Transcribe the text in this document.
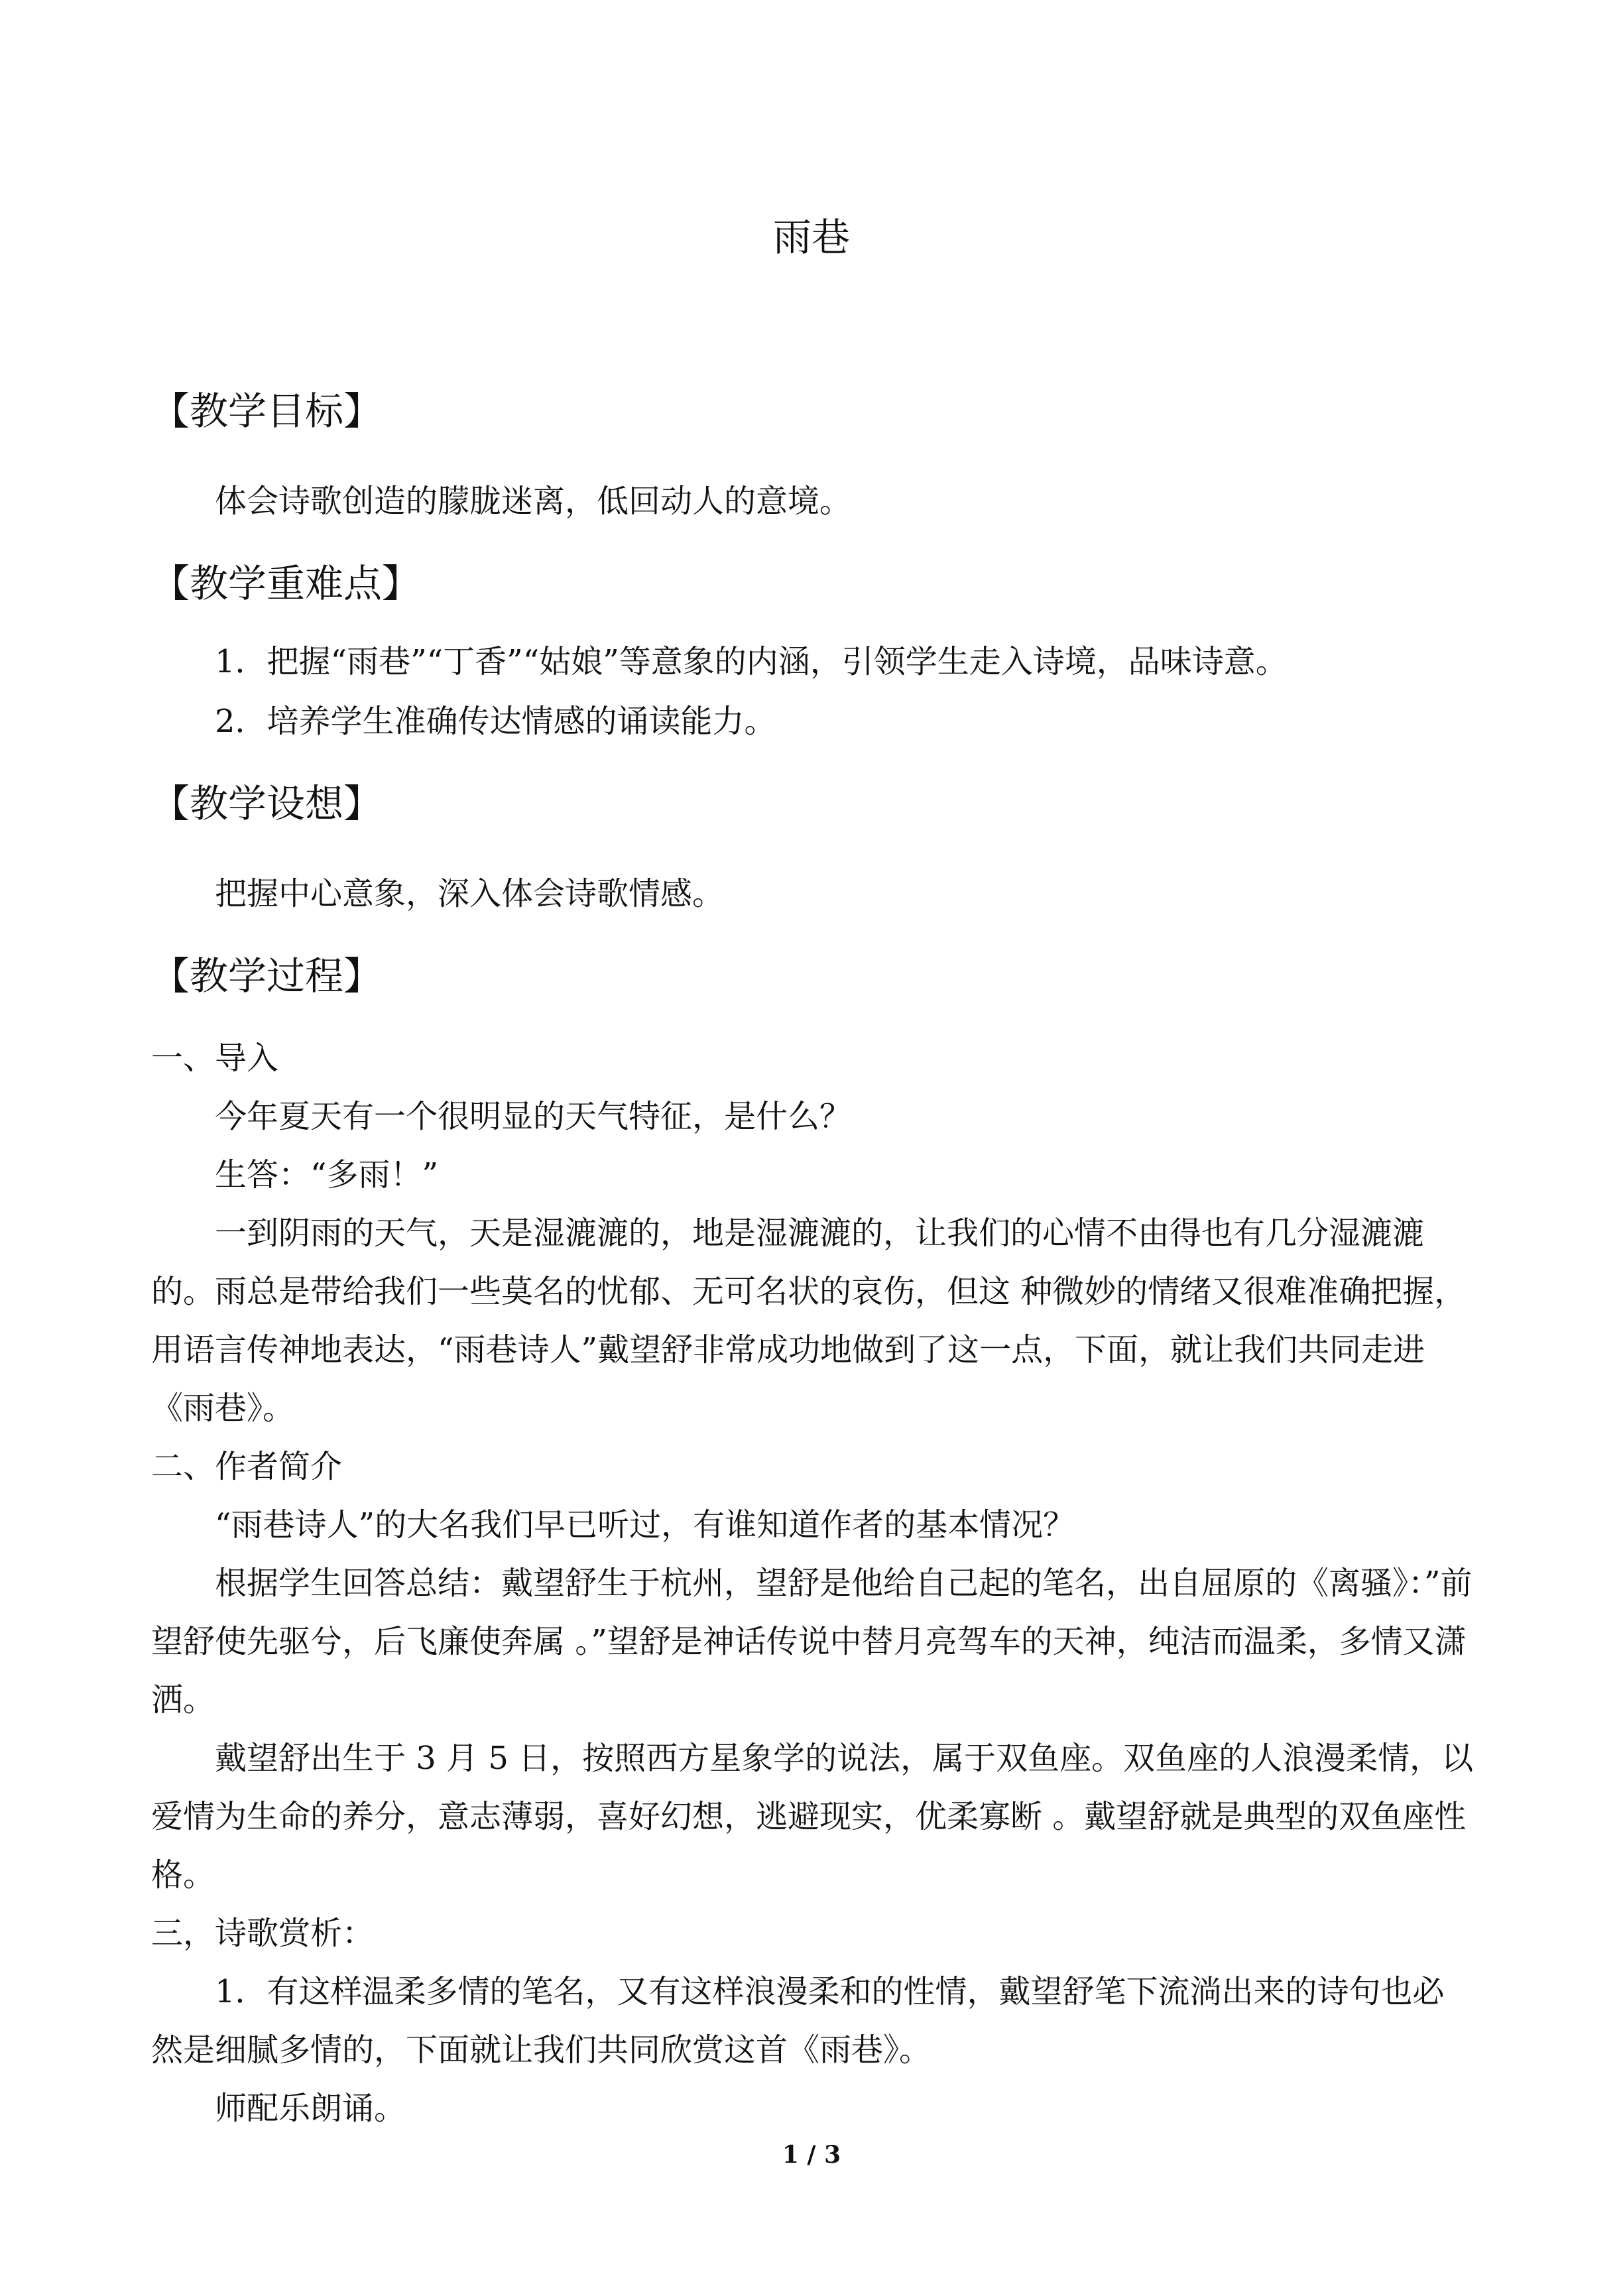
雨巷
【教学目标】

体会诗歌创造的朦胧迷离，低回动人的意境。

【教学重难点】

1．把握“雨巷”“丁香”“姑娘”等意象的内涵，引领学生走入诗境，品味诗意。

2．培养学生准确传达情感的诵读能力。

【教学设想】

把握中心意象，深入体会诗歌情感。

【教学过程】

一、导入

今年夏天有一个很明显的天气特征，是什么？

生答：“多雨！”

一到阴雨的天气，天是湿漉漉的，地是湿漉漉的，让我们的心情不由得也有几分湿漉漉的。雨总是带给我们一些莫名的忧郁、无可名状的哀伤，但这 种微妙的情绪又很难准确把握，用语言传神地表达，“雨巷诗人”戴望舒非常成功地做到了这一点，下面，就让我们共同走进《雨巷》。

二、作者简介

“雨巷诗人”的大名我们早已听过，有谁知道作者的基本情况？

根据学生回答总结：戴望舒生于杭州，望舒是他给自己起的笔名，出自屈原的《离骚》：”前望舒使先驱兮，后飞廉使奔属 。”望舒是神话传说中替月亮驾车的天神，纯洁而温柔，多情又潇洒。

戴望舒出生于 3 月 5 日，按照西方星象学的说法，属于双鱼座。双鱼座的人浪漫柔情，以爱情为生命的养分，意志薄弱，喜好幻想，逃避现实，优柔寡断 。戴望舒就是典型的双鱼座性格。

三，诗歌赏析：

1．有这样温柔多情的笔名，又有这样浪漫柔和的性情，戴望舒笔下流淌出来的诗句也必然是细腻多情的，下面就让我们共同欣赏这首《雨巷》。

师配乐朗诵。

1 / 3
